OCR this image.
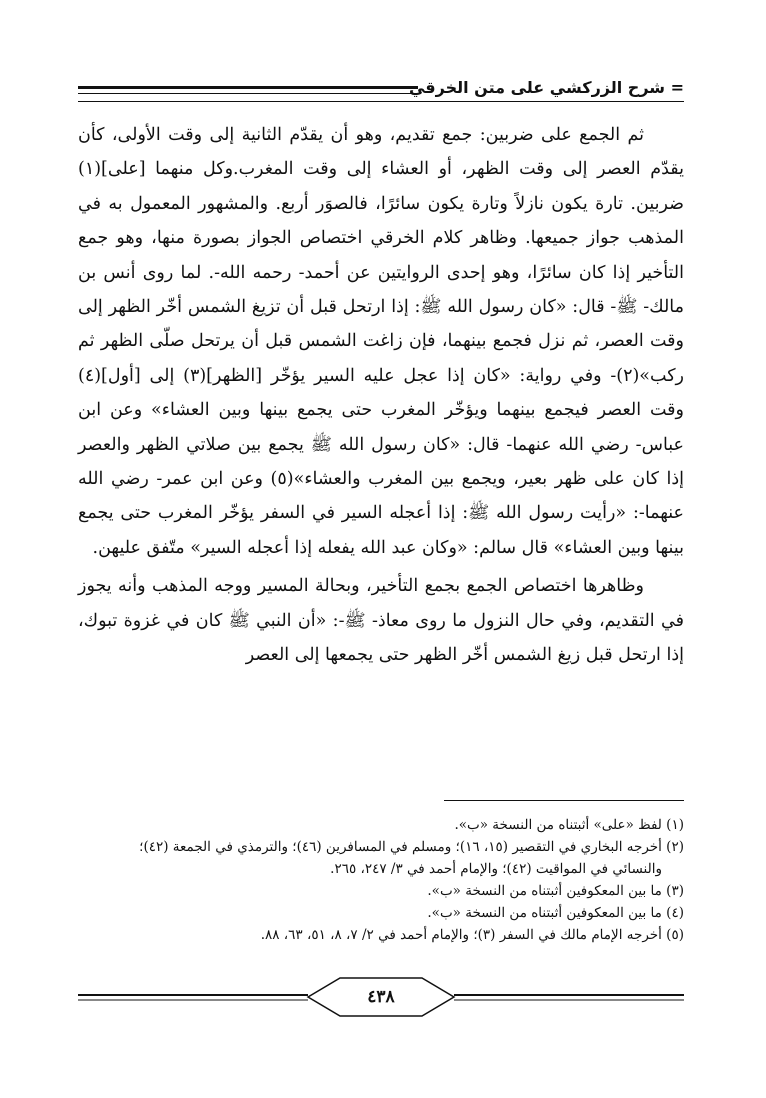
= شرح الزركشي على متن الخرقي

ثم الجمع على ضربين: جمع تقديم، وهو أن يقدّم الثانية إلى وقت الأولى، كأن يقدّم العصر إلى وقت الظهر، أو العشاء إلى وقت المغرب.وكل منهما [على](١) ضربين. تارة يكون نازلاً وتارة يكون سائرًا، فالصوَر أربع. والمشهور المعمول به في المذهب جواز جميعها. وظاهر كلام الخرقي اختصاص الجواز بصورة منها، وهو جمع التأخير إذا كان سائرًا، وهو إحدى الروايتين عن أحمد- رحمه الله-. لما روى أنس بن مالك- ﷺ- قال: «كان رسول الله ﷺ: إذا ارتحل قبل أن تزيغ الشمس أخّر الظهر إلى وقت العصر، ثم نزل فجمع بينهما، فإن زاغت الشمس قبل أن يرتحل صلّى الظهر ثم ركب»(٢)- وفي رواية: «كان إذا عجل عليه السير يؤخّر [الظهر](٣) إلى [أول](٤) وقت العصر فيجمع بينهما ويؤخّر المغرب حتى يجمع بينها وبين العشاء» وعن ابن عباس- رضي الله عنهما- قال: «كان رسول الله ﷺ يجمع بين صلاتي الظهر والعصر إذا كان على ظهر بعير، ويجمع بين المغرب والعشاء»(٥) وعن ابن عمر- رضي الله عنهما-: «رأيت رسول الله ﷺ: إذا أعجله السير في السفر يؤخّر المغرب حتى يجمع بينها وبين العشاء» قال سالم: «وكان عبد الله يفعله إذا أعجله السير» متّفق عليهن.

وظاهرها اختصاص الجمع بجمع التأخير، وبحالة المسير ووجه المذهب وأنه يجوز في التقديم، وفي حال النزول ما روى معاذ- ﷺ-: «أن النبي ﷺ كان في غزوة تبوك، إذا ارتحل قبل زيغ الشمس أخّر الظهر حتى يجمعها إلى العصر

(١) لفظ «على» أثبتناه من النسخة «ب».
(٢) أخرجه البخاري في التقصير (١٥، ١٦)؛ ومسلم في المسافرين (٤٦)؛ والترمذي في الجمعة (٤٢)؛
والنسائي في المواقيت (٤٢)؛ والإمام أحمد في ٣/ ٢٤٧، ٢٦٥.
(٣) ما بين المعكوفين أثبتناه من النسخة «ب».
(٤) ما بين المعكوفين أثبتناه من النسخة «ب».
(٥) أخرجه الإمام مالك في السفر (٣)؛ والإمام أحمد في ٢/ ٧، ٨، ٥١، ٦٣، ٨٨.
٤٣٨
